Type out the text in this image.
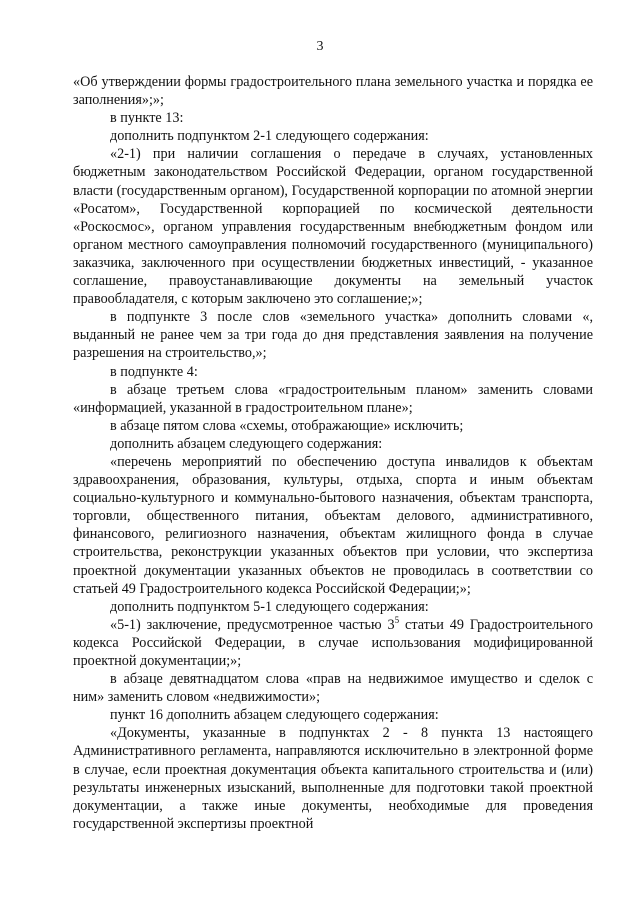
3

«Об утверждении формы градостроительного плана земельного участка и порядка ее заполнения»;»;

в пункте 13:

дополнить подпунктом 2-1 следующего содержания:

«2-1) при наличии соглашения о передаче в случаях, установленных бюджетным законодательством Российской Федерации, органом государственной власти (государственным органом), Государственной корпорации по атомной энергии «Росатом», Государственной корпорацией по космической деятельности «Роскосмос», органом управления государственным внебюджетным фондом или органом местного самоуправления полномочий государственного (муниципального) заказчика, заключенного при осуществлении бюджетных инвестиций, - указанное соглашение, правоустанавливающие документы на земельный участок правообладателя, с которым заключено это соглашение;»;

в подпункте 3 после слов «земельного участка» дополнить словами «, выданный не ранее чем за три года до дня представления заявления на получение разрешения на строительство,»;

в подпункте 4:

в абзаце третьем слова «градостроительным планом» заменить словами «информацией, указанной в градостроительном плане»;

в абзаце пятом слова «схемы, отображающие» исключить;

дополнить абзацем следующего содержания:

«перечень мероприятий по обеспечению доступа инвалидов к объектам здравоохранения, образования, культуры, отдыха, спорта и иным объектам социально-культурного и коммунально-бытового назначения, объектам транспорта, торговли, общественного питания, объектам делового, административного, финансового, религиозного назначения, объектам жилищного фонда в случае строительства, реконструкции указанных объектов при условии, что экспертиза проектной документации указанных объектов не проводилась в соответствии со статьей 49 Градостроительного кодекса Российской Федерации;»;

дополнить подпунктом 5-1 следующего содержания:

«5-1) заключение, предусмотренное частью $3^5$ статьи 49 Градостроительного кодекса Российской Федерации, в случае использования модифицированной проектной документации;»;

в абзаце девятнадцатом слова «прав на недвижимое имущество и сделок с ним» заменить словом «недвижимости»;

пункт 16 дополнить абзацем следующего содержания:

«Документы, указанные в подпунктах 2 - 8 пункта 13 настоящего Административного регламента, направляются исключительно в электронной форме в случае, если проектная документация объекта капитального строительства и (или) результаты инженерных изысканий, выполненные для подготовки такой проектной документации, а также иные документы, необходимые для проведения государственной экспертизы проектной
